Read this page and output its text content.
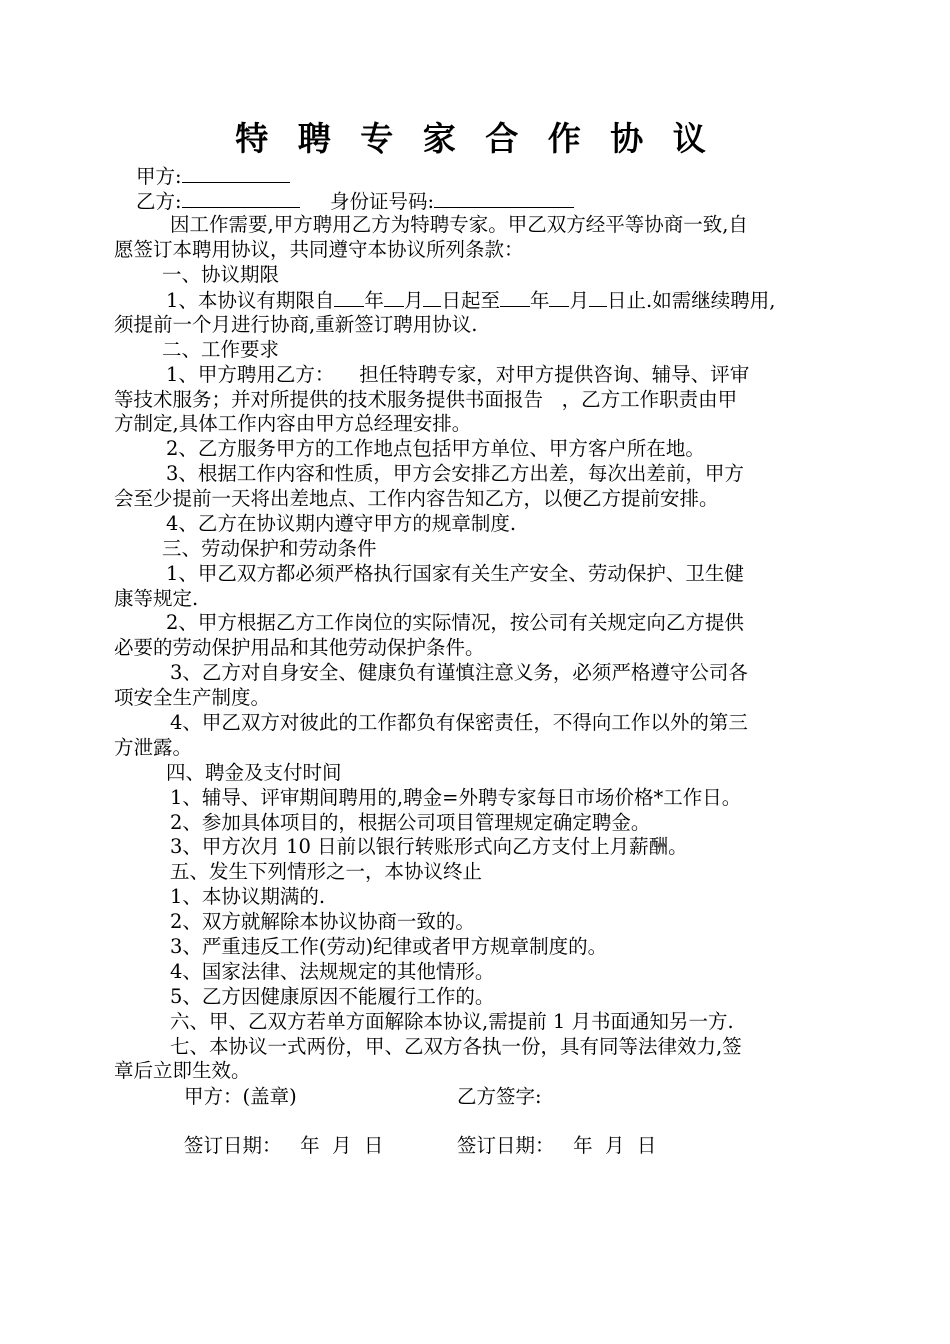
特 聘 专 家 合 作 协 议
甲方:
乙方:	身份证号码:
因工作需要,甲方聘用乙方为特聘专家。甲乙双方经平等协商一致,自
愿签订本聘用协议，共同遵守本协议所列条款：
一、协议期限
1、本协议有期限自 年 月 日起至 年 月 日止.如需继续聘用,
须提前一个月进行协商,重新签订聘用协议.
二、工作要求
1、甲方聘用乙方：    担任特聘专家，对甲方提供咨询、辅导、评审
等技术服务；并对所提供的技术服务提供书面报告   ，乙方工作职责由甲
方制定,具体工作内容由甲方总经理安排。
2、乙方服务甲方的工作地点包括甲方单位、甲方客户所在地。
3、根据工作内容和性质，甲方会安排乙方出差，每次出差前，甲方
会至少提前一天将出差地点、工作内容告知乙方，以便乙方提前安排。
4、乙方在协议期内遵守甲方的规章制度.
三、劳动保护和劳动条件
1、甲乙双方都必须严格执行国家有关生产安全、劳动保护、卫生健
康等规定.
2、甲方根据乙方工作岗位的实际情况，按公司有关规定向乙方提供
必要的劳动保护用品和其他劳动保护条件。
3、乙方对自身安全、健康负有谨慎注意义务，必须严格遵守公司各
项安全生产制度。
4、甲乙双方对彼此的工作都负有保密责任，不得向工作以外的第三
方泄露。
四、聘金及支付时间
1、辅导、评审期间聘用的,聘金=外聘专家每日市场价格*工作日。
2、参加具体项目的，根据公司项目管理规定确定聘金。
3、甲方次月 10 日前以银行转账形式向乙方支付上月薪酬。
五、发生下列情形之一，本协议终止
1、本协议期满的.
2、双方就解除本协议协商一致的。
3、严重违反工作(劳动)纪律或者甲方规章制度的。
4、国家法律、法规规定的其他情形。
5、乙方因健康原因不能履行工作的。
六、甲、乙双方若单方面解除本协议,需提前 1 月书面通知另一方.
七、本协议一式两份，甲、乙双方各执一份，具有同等法律效力,签
章后立即生效。
甲方：(盖章)	乙方签字:
签订日期：   年  月  日	签订日期：   年  月  日
